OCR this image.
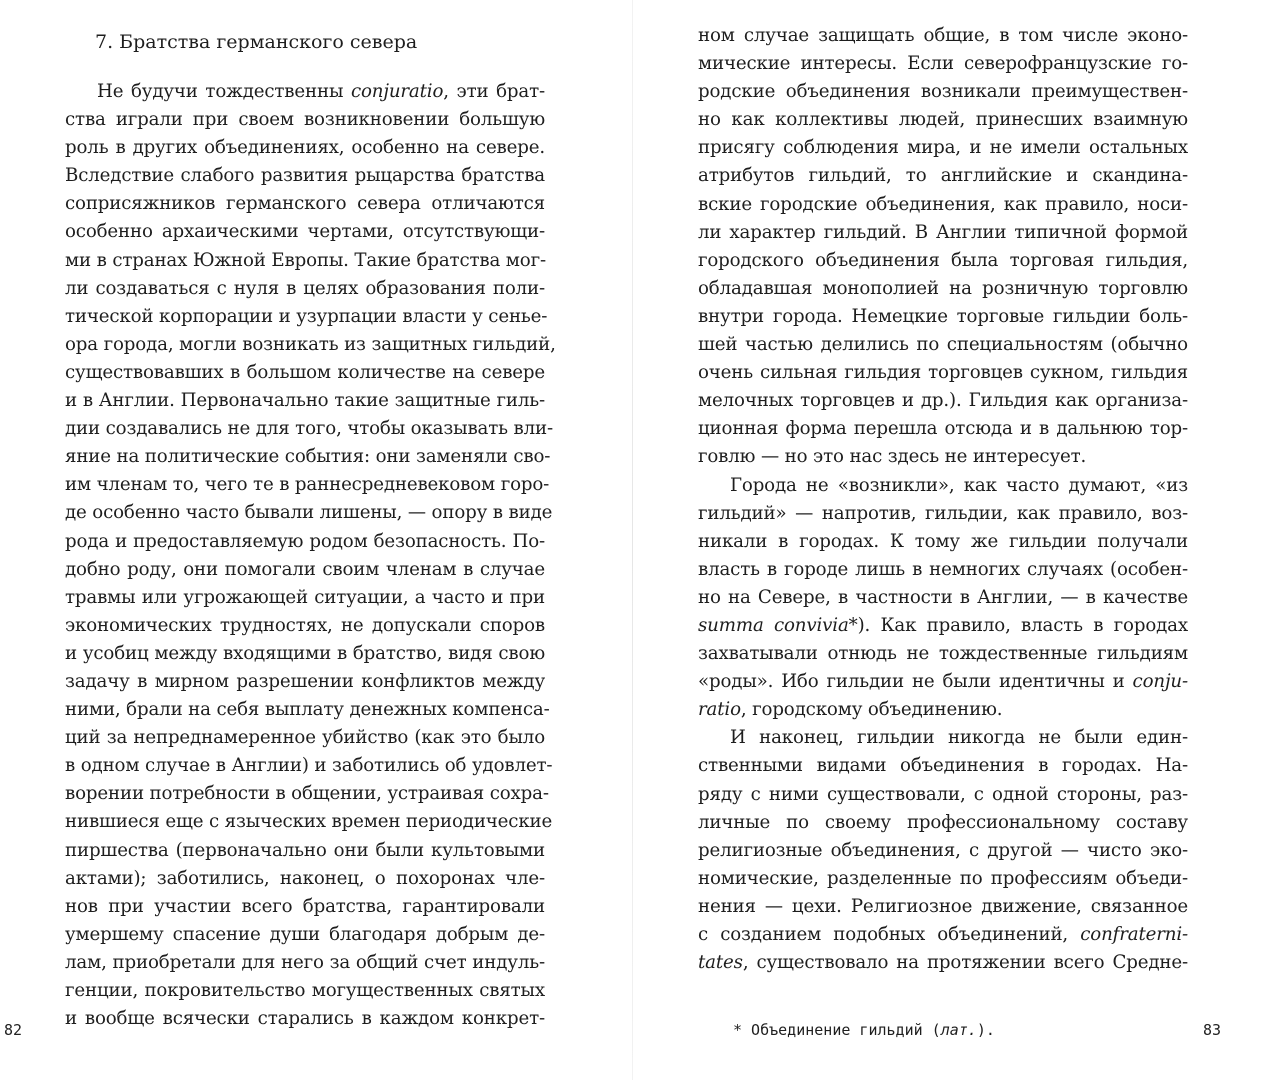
7. Братства германского севера
Не будучи тождественны conjuratio, эти брат-
ства играли при своем возникновении большую
роль в других объединениях, особенно на севере.
Вследствие слабого развития рыцарства братства
соприсяжников германского севера отличаются
особенно архаическими чертами, отсутствующи-
ми в странах Южной Европы. Такие братства мог-
ли создаваться с нуля в целях образования поли-
тической корпорации и узурпации власти у сенье-
ора города, могли возникать из защитных гильдий,
существовавших в большом количестве на севере
и в Англии. Первоначально такие защитные гиль-
дии создавались не для того, чтобы оказывать вли-
яние на политические события: они заменяли сво-
им членам то, чего те в раннесредневековом горо-
де особенно часто бывали лишены, — опору в виде
рода и предоставляемую родом безопасность. По-
добно роду, они помогали своим членам в случае
травмы или угрожающей ситуации, а часто и при
экономических трудностях, не допускали споров
и усобиц между входящими в братство, видя свою
задачу в мирном разрешении конфликтов между
ними, брали на себя выплату денежных компенса-
ций за непреднамеренное убийство (как это было
в одном случае в Англии) и заботились об удовлет-
ворении потребности в общении, устраивая сохра-
нившиеся еще с языческих времен периодические
пиршества (первоначально они были культовыми
актами); заботились, наконец, о похоронах чле-
нов при участии всего братства, гарантировали
умершему спасение души благодаря добрым де-
лам, приобретали для него за общий счет индуль-
генции, покровительство могущественных святых
и вообще всячески старались в каждом конкрет-
82
ном случае защищать общие, в том числе эконо-
мические интересы. Если северофранцузские го-
родские объединения возникали преимуществен-
но как коллективы людей, принесших взаимную
присягу соблюдения мира, и не имели остальных
атрибутов гильдий, то английские и скандина-
вские городские объединения, как правило, носи-
ли характер гильдий. В Англии типичной формой
городского объединения была торговая гильдия,
обладавшая монополией на розничную торговлю
внутри города. Немецкие торговые гильдии боль-
шей частью делились по специальностям (обычно
очень сильная гильдия торговцев сукном, гильдия
мелочных торговцев и др.). Гильдия как организа-
ционная форма перешла отсюда и в дальнюю тор-
говлю — но это нас здесь не интересует.
Города не «возникли», как часто думают, «из
гильдий» — напротив, гильдии, как правило, воз-
никали в городах. К тому же гильдии получали
власть в городе лишь в немногих случаях (особен-
но на Севере, в частности в Англии, — в качестве
summa convivia*). Как правило, власть в городах
захватывали отнюдь не тождественные гильдиям
«роды». Ибо гильдии не были идентичны и conju-
ratio, городскому объединению.
И наконец, гильдии никогда не были един-
ственными видами объединения в городах. На-
ряду с ними существовали, с одной стороны, раз-
личные по своему профессиональному составу
религиозные объединения, с другой — чисто эко-
номические, разделенные по профессиям объеди-
нения — цехи. Религиозное движение, связанное
с созданием подобных объединений, confraterni-
tates, существовало на протяжении всего Средне-
* Объединение гильдий (лат.).	83
